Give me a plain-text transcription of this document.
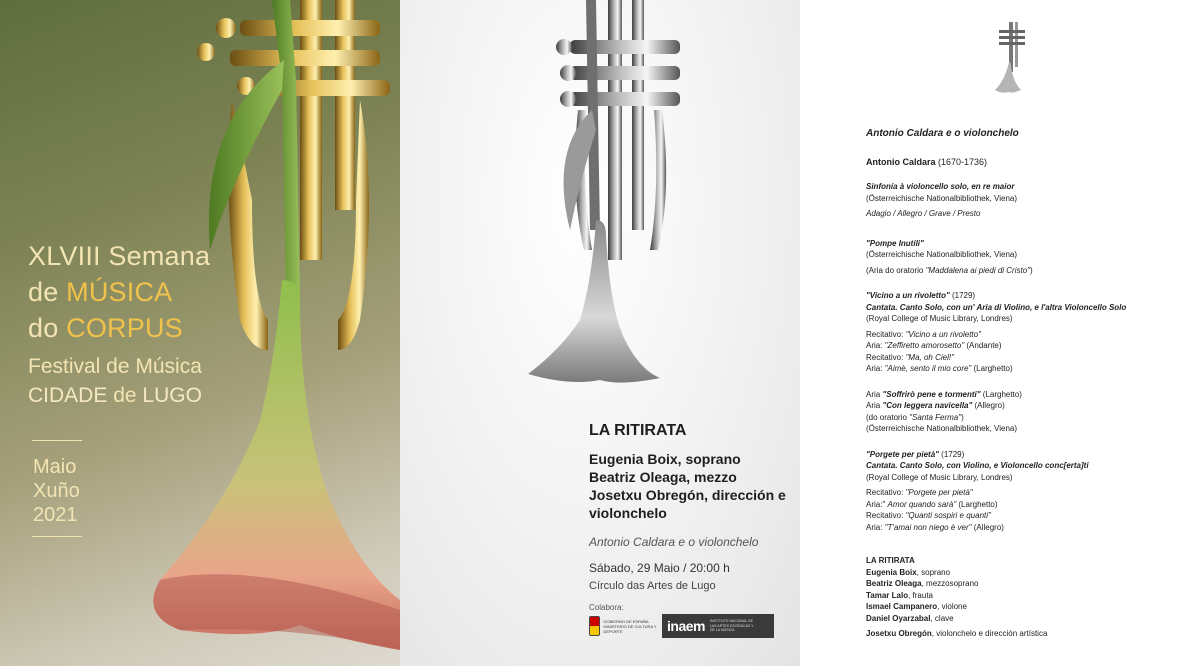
XLVIII Semana
de MÚSICA
do CORPUS
Festival de Música
CIDADE de LUGO
Maio
Xuño
2021
LA RITIRATA
Eugenia Boix, soprano
Beatriz Oleaga, mezzo
Josetxu Obregón, dirección e violonchelo
Antonio Caldara e o violonchelo
Sábado, 29 Maio / 20:00 h
Círculo das Artes de Lugo
Colabora:
GOBIERNO DE ESPAÑA
MINISTERIO DE CULTURA Y DEPORTE	inaem INSTITUTO NACIONAL DE LAS ARTES ESCÉNICAS Y DE LA MÚSICA
Antonio Caldara e o violonchelo
Antonio Caldara (1670-1736)
Sinfonía à violoncello solo, en re maior
(Österreichische Nationalbibliothek, Viena)
Adagio / Allegro / Grave / Presto
"Pompe Inutili"
(Österreichische Nationalbibliothek, Viena)
(Aria do oratorio "Maddalena ai piedi di Cristo")
"Vicino a un rivoletto" (1729)
Cantata. Canto Solo, con un' Aria di Violino, e l'altra Violoncello Solo
(Royal College of Music Library, Londres)
Recitativo: "Vicino a un rivoletto"
Aria: "Zeffiretto amorosetto" (Andante)
Recitativo: "Ma, oh Ciel!"
Aria: "Aimè, sento il mio core" (Larghetto)
Aria "Soffrirò pene e tormenti" (Larghetto)
Aria "Con leggera navicella" (Allegro)
(do oratorio "Santa Ferma")
(Österreichische Nationalbibliothek, Viena)
"Porgete per pietà" (1729)
Cantata. Canto Solo, con Violino, e Violoncello conc[erta]ti
(Royal College of Music Library, Londres)
Recitativo: "Porgete per pietà"
Aria:" Amor quando sarà" (Larghetto)
Recitativo: "Quanti sospiri e quanti"
Aria: "T'amai non niego è ver" (Allegro)
LA RITIRATA
Eugenia Boix, soprano
Beatriz Oleaga, mezzosoprano
Tamar Lalo, frauta
Ismael Campanero, violone
Daniel Oyarzabal, clave
Josetxu Obregón, violonchelo e dirección artística
